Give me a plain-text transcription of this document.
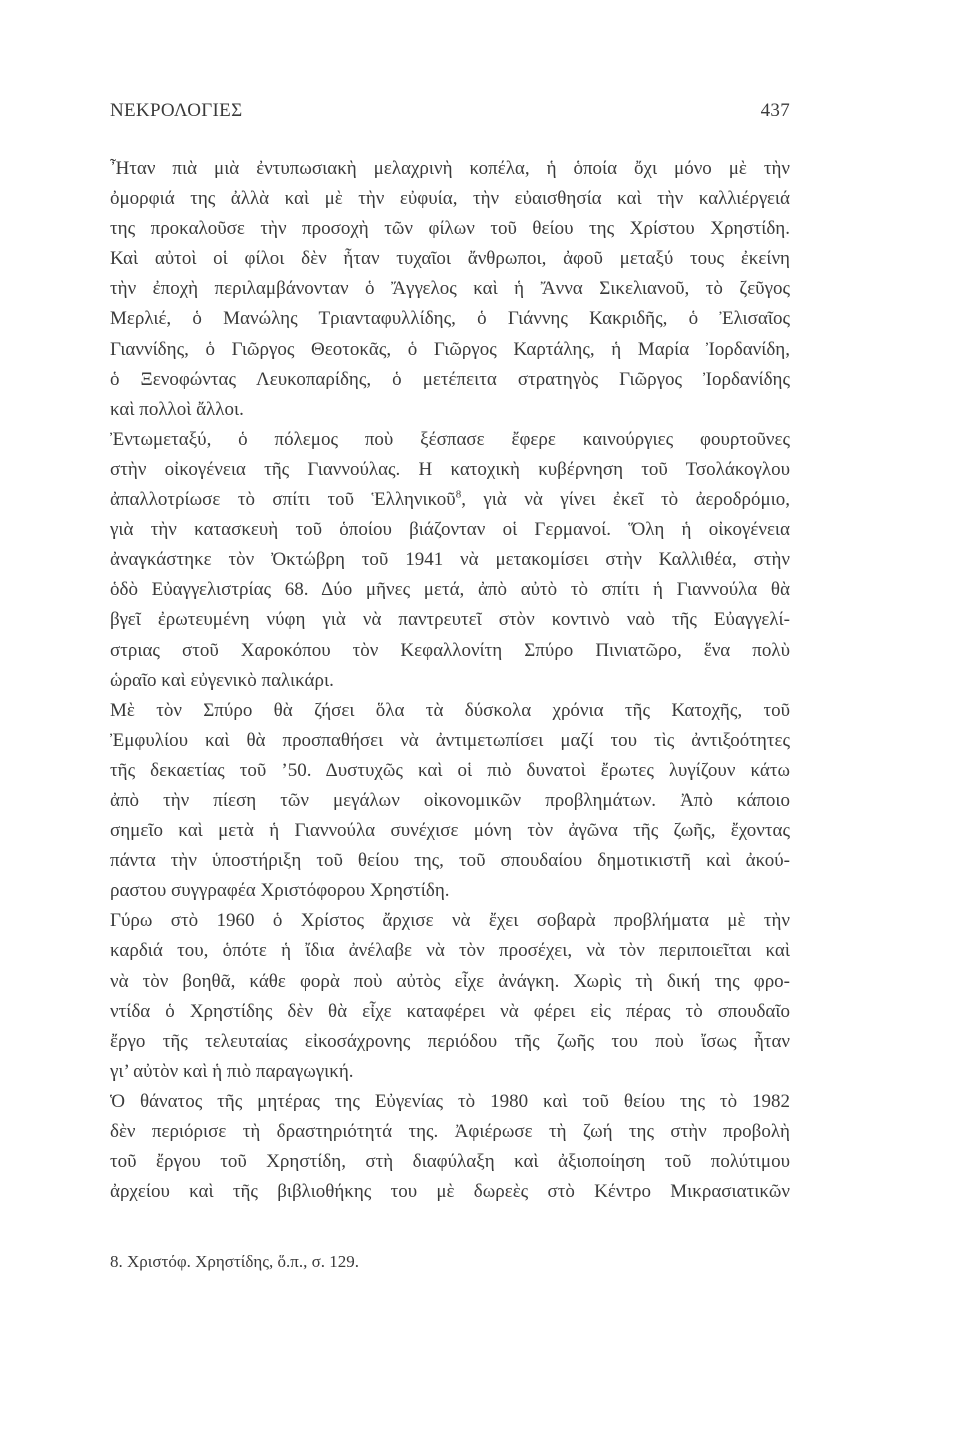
ΝΕΚΡΟΛΟΓΙΕΣ	437
Ἦταν πιὰ μιὰ ἐντυπωσιακὴ μελαχρινὴ κοπέλα, ἡ ὁποία ὄχι μόνο μὲ τὴν
ὀμορφιά της ἀλλὰ καὶ μὲ τὴν εὐφυία, τὴν εὐαισθησία καὶ τὴν καλλιέργειά
της προκαλοῦσε τὴν προσοχὴ τῶν φίλων τοῦ θείου της Χρίστου Χρηστίδη.
Καὶ αὐτοὶ οἱ φίλοι δὲν ἦταν τυχαῖοι ἄνθρωποι, ἀφοῦ μεταξύ τους ἐκείνη
τὴν ἐποχὴ περιλαμβάνονταν ὁ Ἄγγελος καὶ ἡ Ἄννα Σικελιανοῦ, τὸ ζεῦγος
Μερλιέ, ὁ Μανώλης Τριανταφυλλίδης, ὁ Γιάννης Κακριδῆς, ὁ Ἐλισαῖος
Γιαννίδης, ὁ Γιῶργος Θεοτοκᾶς, ὁ Γιῶργος Καρτάλης, ἡ Μαρία Ἰορδανίδη,
ὁ Ξενοφώντας Λευκοπαρίδης, ὁ μετέπειτα στρατηγὸς Γιῶργος Ἰορδανίδης
καὶ πολλοὶ ἄλλοι.
Ἐντωμεταξύ, ὁ πόλεμος ποὺ ξέσπασε ἔφερε καινούργιες φουρτοῦνες
στὴν οἰκογένεια τῆς Γιαννούλας. Η κατοχικὴ κυβέρνηση τοῦ Τσολάκογλου
ἀπαλλοτρίωσε τὸ σπίτι τοῦ Ἑλληνικοῦ$^8$, γιὰ νὰ γίνει ἐκεῖ τὸ ἀεροδρόμιο,
γιὰ τὴν κατασκευὴ τοῦ ὁποίου βιάζονταν οἱ Γερμανοί. Ὅλη ἡ οἰκογένεια
ἀναγκάστηκε τὸν Ὀκτώβρη τοῦ 1941 νὰ μετακομίσει στὴν Καλλιθέα, στὴν
ὁδὸ Εὐαγγελιστρίας 68. Δύο μῆνες μετά, ἀπὸ αὐτὸ τὸ σπίτι ἡ Γιαννούλα θὰ
βγεῖ ἐρωτευμένη νύφη γιὰ νὰ παντρευτεῖ στὸν κοντινὸ ναὸ τῆς Εὐαγγελί-
στριας στοῦ Χαροκόπου τὸν Κεφαλλονίτη Σπύρο Πινιατῶρο, ἕνα πολὺ
ὡραῖο καὶ εὐγενικὸ παλικάρι.
Μὲ τὸν Σπύρο θὰ ζήσει ὅλα τὰ δύσκολα χρόνια τῆς Κατοχῆς, τοῦ
Ἐμφυλίου καὶ θὰ προσπαθήσει νὰ ἀντιμετωπίσει μαζί του τὶς ἀντιξοότητες
τῆς δεκαετίας τοῦ ’50. Δυστυχῶς καὶ οἱ πιὸ δυνατοὶ ἔρωτες λυγίζουν κάτω
ἀπὸ τὴν πίεση τῶν μεγάλων οἰκονομικῶν προβλημάτων. Ἀπὸ κάποιο
σημεῖο καὶ μετὰ ἡ Γιαννούλα συνέχισε μόνη τὸν ἀγῶνα τῆς ζωῆς, ἔχοντας
πάντα τὴν ὑποστήριξη τοῦ θείου της, τοῦ σπουδαίου δημοτικιστῆ καὶ ἀκού-
ραστου συγγραφέα Χριστόφορου Χρηστίδη.
Γύρω στὸ 1960 ὁ Χρίστος ἄρχισε νὰ ἔχει σοβαρὰ προβλήματα μὲ τὴν
καρδιά του, ὁπότε ἡ ἴδια ἀνέλαβε νὰ τὸν προσέχει, νὰ τὸν περιποιεῖται καὶ
νὰ τὸν βοηθᾶ, κάθε φορὰ ποὺ αὐτὸς εἶχε ἀνάγκη. Χωρὶς τὴ δική της φρο-
ντίδα ὁ Χρηστίδης δὲν θὰ εἶχε καταφέρει νὰ φέρει εἰς πέρας τὸ σπουδαῖο
ἔργο τῆς τελευταίας εἰκοσάχρονης περιόδου τῆς ζωῆς του ποὺ ἴσως ἦταν
γι’ αὐτὸν καὶ ἡ πιὸ παραγωγική.
Ὁ θάνατος τῆς μητέρας της Εὐγενίας τὸ 1980 καὶ τοῦ θείου της τὸ 1982
δὲν περιόρισε τὴ δραστηριότητά της. Ἀφιέρωσε τὴ ζωή της στὴν προβολὴ
τοῦ ἔργου τοῦ Χρηστίδη, στὴ διαφύλαξη καὶ ἀξιοποίηση τοῦ πολύτιμου
ἀρχείου καὶ τῆς βιβλιοθήκης του μὲ δωρεὲς στὸ Κέντρο Μικρασιατικῶν
8. Χριστόφ. Χρηστίδης, ὅ.π., σ. 129.
